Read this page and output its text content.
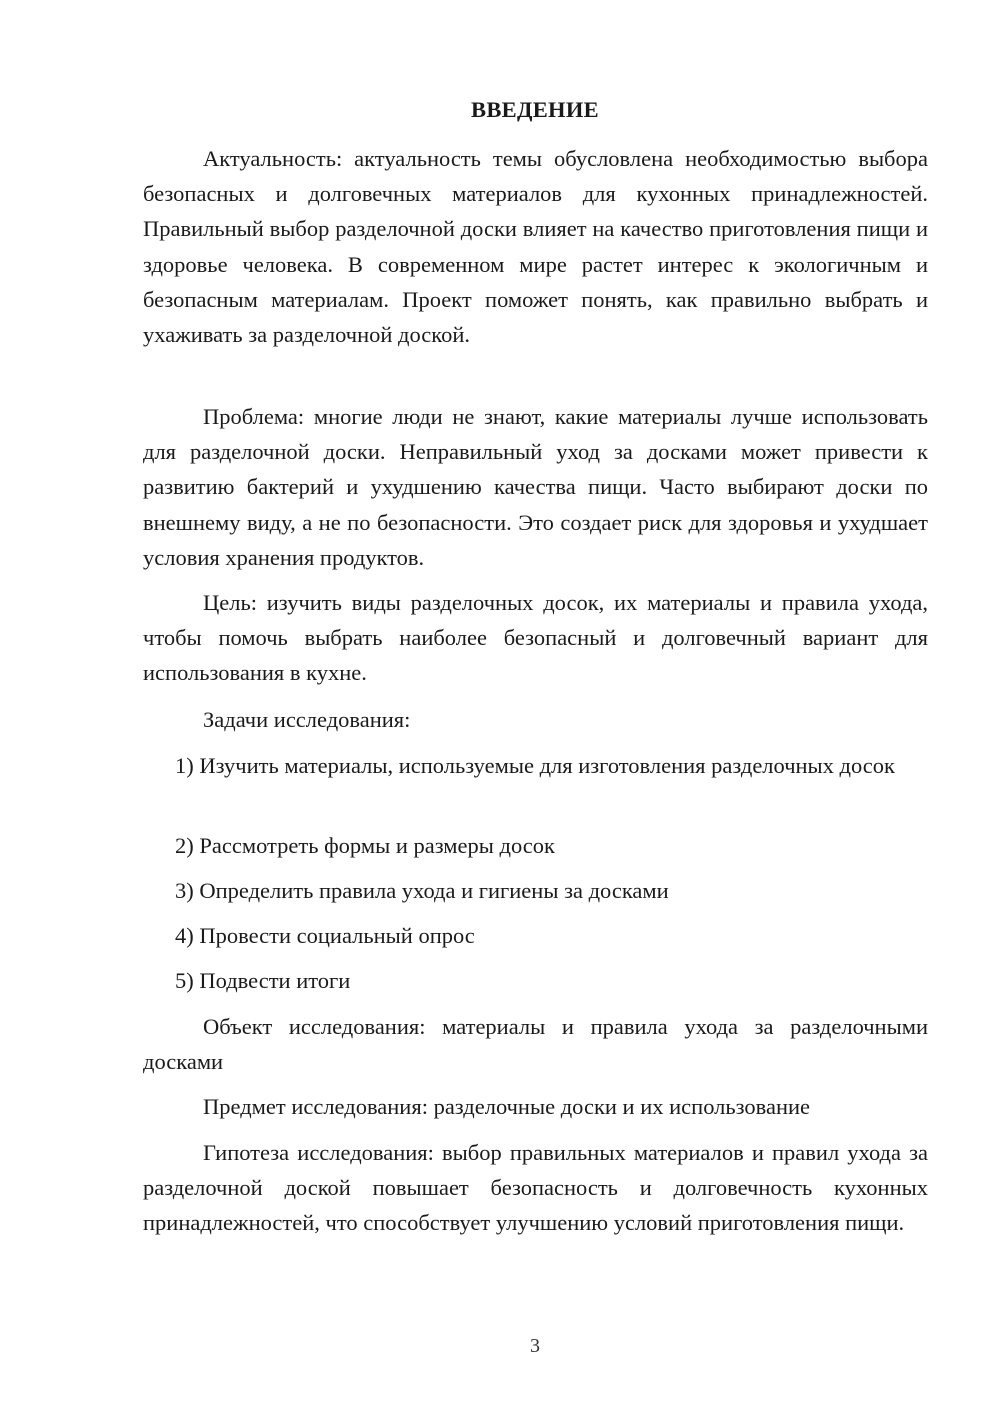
ВВЕДЕНИЕ

Актуальность: актуальность темы обусловлена необходимостью выбора безопасных и долговечных материалов для кухонных принадлежностей. Правильный выбор разделочной доски влияет на качество приготовления пищи и здоровье человека. В современном мире растет интерес к экологичным и безопасным материалам. Проект поможет понять, как правильно выбрать и ухаживать за разделочной доской.

Проблема: многие люди не знают, какие материалы лучше использовать для разделочной доски. Неправильный уход за досками может привести к развитию бактерий и ухудшению качества пищи. Часто выбирают доски по внешнему виду, а не по безопасности. Это создает риск для здоровья и ухудшает условия хранения продуктов.

Цель: изучить виды разделочных досок, их материалы и правила ухода, чтобы помочь выбрать наиболее безопасный и долговечный вариант для использования в кухне.

Задачи исследования:

1) Изучить материалы, используемые для изготовления разделочных досок

2) Рассмотреть формы и размеры досок

3) Определить правила ухода и гигиены за досками

4) Провести социальный опрос

5) Подвести итоги

Объект исследования: материалы и правила ухода за разделочными досками

Предмет исследования: разделочные доски и их использование

Гипотеза исследования: выбор правильных материалов и правил ухода за разделочной доской повышает безопасность и долговечность кухонных принадлежностей, что способствует улучшению условий приготовления пищи.

3
